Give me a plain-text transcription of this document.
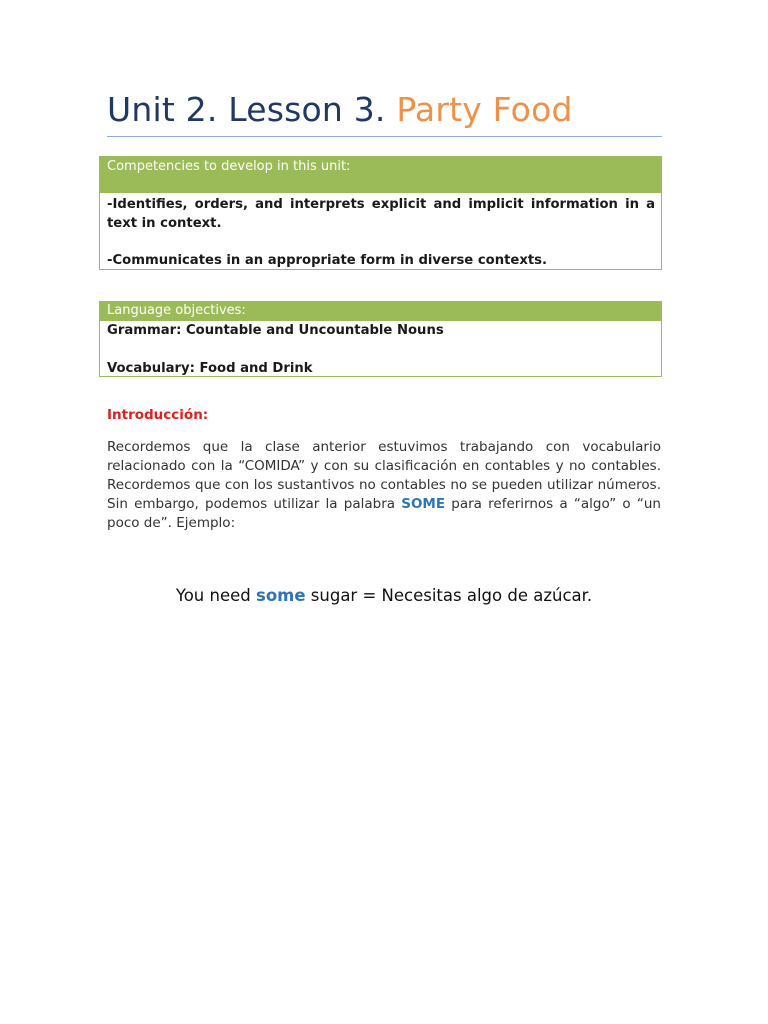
Unit 2. Lesson 3. Party Food
Competencies to develop in this unit:
-Identifies, orders, and interprets explicit and implicit information in a text in context.
-Communicates in an appropriate form in diverse contexts.
Language objectives:
Grammar: Countable and Uncountable Nouns
Vocabulary: Food and Drink
Introducción:
Recordemos que la clase anterior estuvimos trabajando con vocabulario relacionado con la “COMIDA” y con su clasificación en contables y no contables. Recordemos que con los sustantivos no contables no se pueden utilizar números. Sin embargo, podemos utilizar la palabra SOME para referirnos a “algo” o “un poco de”. Ejemplo:
You need some sugar = Necesitas algo de azúcar.
